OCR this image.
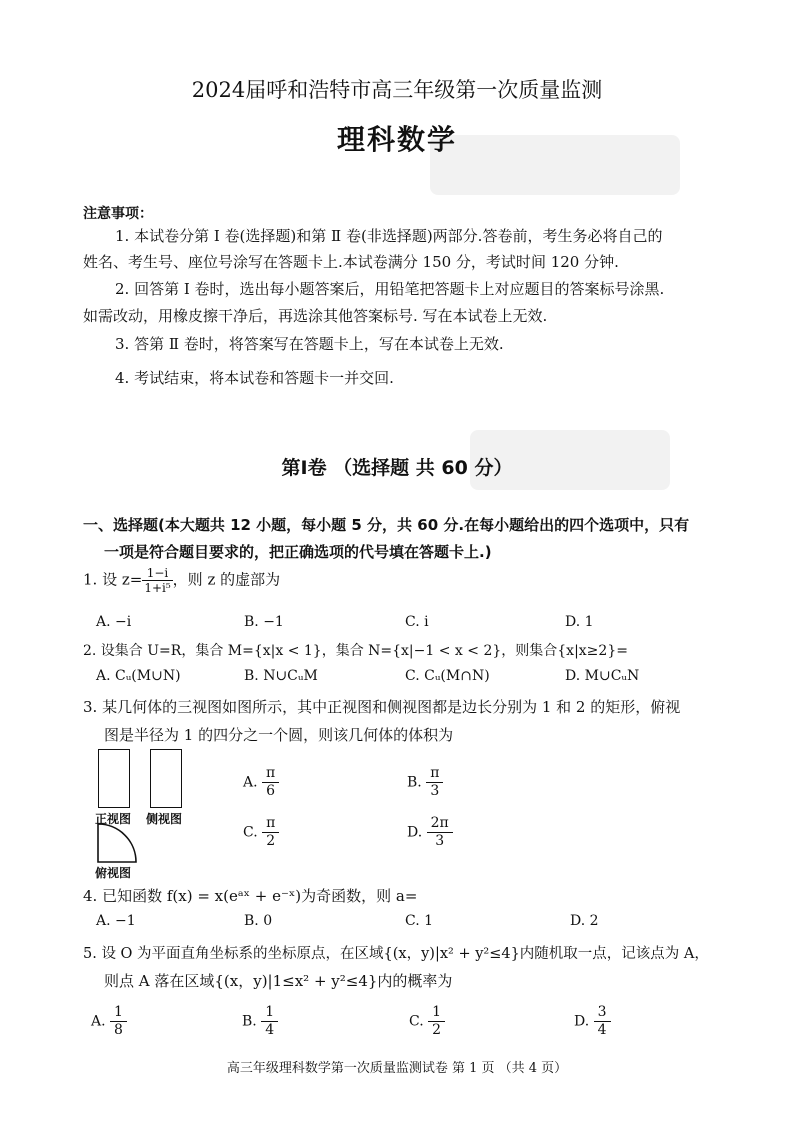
2024届呼和浩特市高三年级第一次质量监测
理科数学
注意事项：
1. 本试卷分第 Ⅰ 卷(选择题)和第 Ⅱ 卷(非选择题)两部分.答卷前，考生务必将自己的
姓名、考生号、座位号涂写在答题卡上.本试卷满分 150 分，考试时间 120 分钟.
2. 回答第 Ⅰ 卷时，选出每小题答案后，用铅笔把答题卡上对应题目的答案标号涂黑.
如需改动，用橡皮擦干净后，再选涂其他答案标号. 写在本试卷上无效.
3. 答第 Ⅱ 卷时，将答案写在答题卡上，写在本试卷上无效.
4. 考试结束，将本试卷和答题卡一并交回.
第Ⅰ卷 （选择题 共 60 分）
一、选择题(本大题共 12 小题，每小题 5 分，共 60 分.在每小题给出的四个选项中，只有
一项是符合题目要求的，把正确选项的代号填在答题卡上.)
1. 设 $z= \frac{1-i}{\text{1+i⁵}}$ ，则 z 的虚部为
A. −i	B. −1	C. i	D. 1
2. 设集合 U=R，集合 M={x|x < 1}，集合 N={x|−1 < x < 2}，则集合{x|x≥2}=
A. Cᵤ(M∪N)	B. N∪CᵤM	C. Cᵤ(M∩N)	D. M∪CᵤN
3. 某几何体的三视图如图所示，其中正视图和侧视图都是边长分别为 1 和 2 的矩形，俯视
图是半径为 1 的四分之一个圆，则该几何体的体积为
正视图 侧视图
俯视图
A. $\frac{\pi}{6}$	B. $\frac{\pi}{3}$
C. $\frac{\pi}{2}$	D. $\frac{2\pi}{3}$
4. 已知函数 f(x) = x(eᵃˣ + e⁻ˣ)为奇函数，则 a=
A. −1	B. 0	C. 1	D. 2
5. 设 O 为平面直角坐标系的坐标原点，在区域{(x，y)|x² + y²≤4}内随机取一点，记该点为 A，
则点 A 落在区域{(x，y)|1≤x² + y²≤4}内的概率为
A. $\frac{1}{8}$	B. $\frac{1}{4}$	C. $\frac{1}{2}$	D. $\frac{3}{4}$
高三年级理科数学第一次质量监测试卷 第 1 页 （共 4 页）
